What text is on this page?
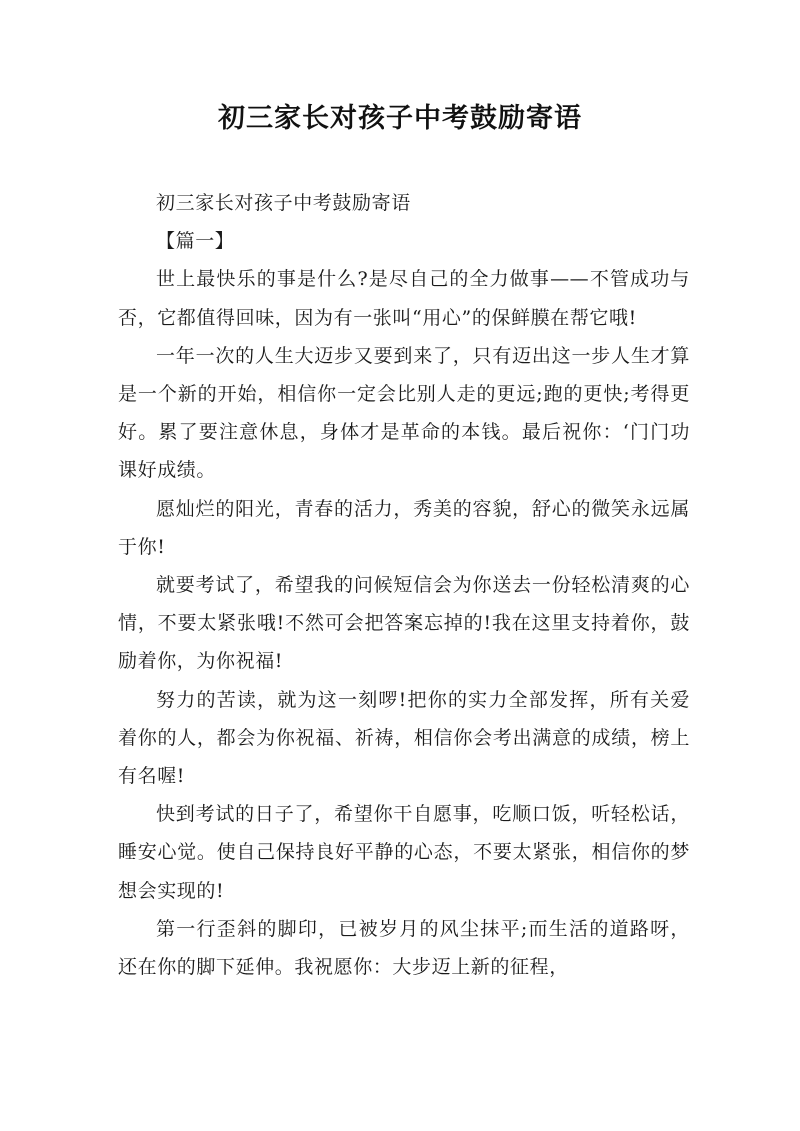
初三家长对孩子中考鼓励寄语

初三家长对孩子中考鼓励寄语

【篇一】

世上最快乐的事是什么?是尽自己的全力做事——不管成功与否，它都值得回味，因为有一张叫“用心”的保鲜膜在帮它哦!

一年一次的人生大迈步又要到来了，只有迈出这一步人生才算是一个新的开始，相信你一定会比别人走的更远;跑的更快;考得更好。累了要注意休息，身体才是革命的本钱。最后祝你：‘门门功课好成绩。

愿灿烂的阳光，青春的活力，秀美的容貌，舒心的微笑永远属于你!

就要考试了，希望我的问候短信会为你送去一份轻松清爽的心情，不要太紧张哦!不然可会把答案忘掉的!我在这里支持着你，鼓励着你，为你祝福!

努力的苦读，就为这一刻啰!把你的实力全部发挥，所有关爱着你的人，都会为你祝福、祈祷，相信你会考出满意的成绩，榜上有名喔!

快到考试的日子了，希望你干自愿事，吃顺口饭，听轻松话，睡安心觉。使自己保持良好平静的心态，不要太紧张，相信你的梦想会实现的!

第一行歪斜的脚印，已被岁月的风尘抹平;而生活的道路呀，还在你的脚下延伸。我祝愿你：大步迈上新的征程，
